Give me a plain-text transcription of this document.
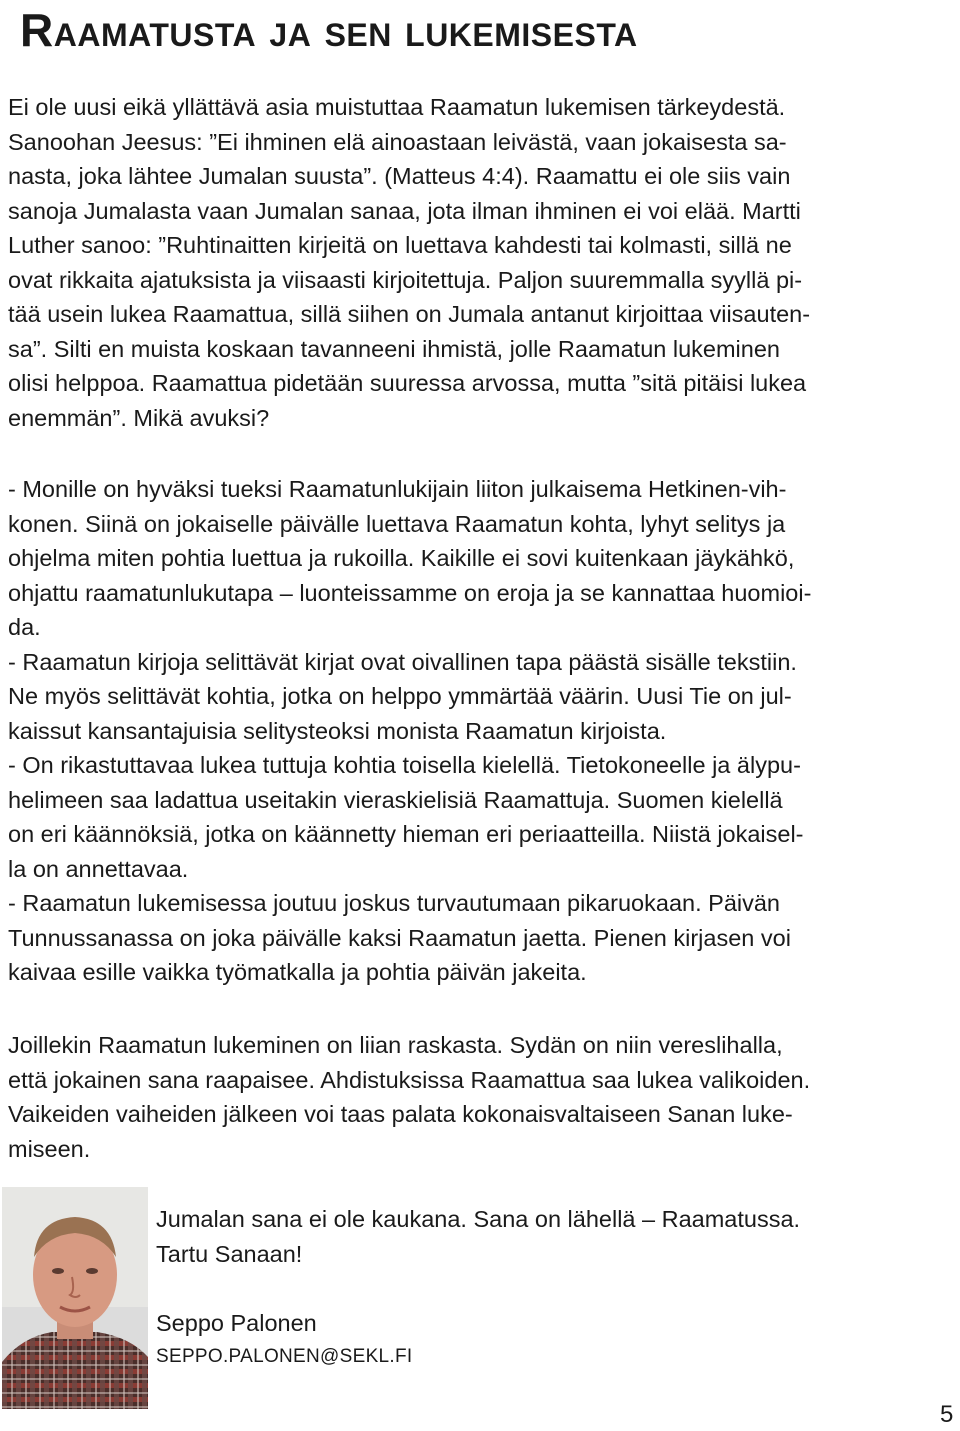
Raamatusta ja sen lukemisesta
Ei ole uusi eikä yllättävä asia muistuttaa Raamatun lukemisen tärkeydestä.
Sanoohan Jeesus: ”Ei ihminen elä ainoastaan leivästä, vaan jokaisesta sa-
nasta, joka lähtee Jumalan suusta”. (Matteus 4:4). Raamattu ei ole siis vain
sanoja Jumalasta vaan Jumalan sanaa, jota ilman ihminen ei voi elää. Martti
Luther sanoo: ”Ruhtinaitten kirjeitä on luettava kahdesti tai kolmasti, sillä ne
ovat rikkaita ajatuksista ja viisaasti kirjoitettuja. Paljon suuremmalla syyllä pi-
tää usein lukea Raamattua, sillä siihen on Jumala antanut kirjoittaa viisauten-
sa”. Silti en muista koskaan tavanneeni ihmistä, jolle Raamatun lukeminen
olisi helppoa. Raamattua pidetään suuressa arvossa, mutta ”sitä pitäisi lukea
enemmän”. Mikä avuksi?
- Monille on hyväksi tueksi Raamatunlukijain liiton julkaisema Hetkinen-vih-
konen. Siinä on jokaiselle päivälle luettava Raamatun kohta, lyhyt selitys ja
ohjelma miten pohtia luettua ja rukoilla. Kaikille ei sovi kuitenkaan jäykähkö,
ohjattu raamatunlukutapa – luonteissamme on eroja ja se kannattaa huomioi-
da.
- Raamatun kirjoja selittävät kirjat ovat oivallinen tapa päästä sisälle tekstiin.
Ne myös selittävät kohtia, jotka on helppo ymmärtää väärin. Uusi Tie on jul-
kaissut kansantajuisia selitysteoksi monista Raamatun kirjoista.
- On rikastuttavaa lukea tuttuja kohtia toisella kielellä. Tietokoneelle ja älypu-
helimeen saa ladattua useitakin vieraskielisiä Raamattuja. Suomen kielellä
on eri käännöksiä, jotka on käännetty hieman eri periaatteilla. Niistä jokaisel-
la on annettavaa.
- Raamatun lukemisessa joutuu joskus turvautumaan pikaruokaan. Päivän
Tunnussanassa on joka päivälle kaksi Raamatun jaetta. Pienen kirjasen voi
kaivaa esille vaikka työmatkalla ja pohtia päivän jakeita.
Joillekin Raamatun lukeminen on liian raskasta. Sydän on niin vereslihalla,
että jokainen sana raapaisee. Ahdistuksissa Raamattua saa lukea valikoiden.
Vaikeiden vaiheiden jälkeen voi taas palata kokonaisvaltaiseen Sanan luke-
miseen.
Jumalan sana ei ole kaukana. Sana on lähellä – Raamatussa.
Tartu Sanaan!
Seppo Palonen
SEPPO.PALONEN@SEKL.FI
5
